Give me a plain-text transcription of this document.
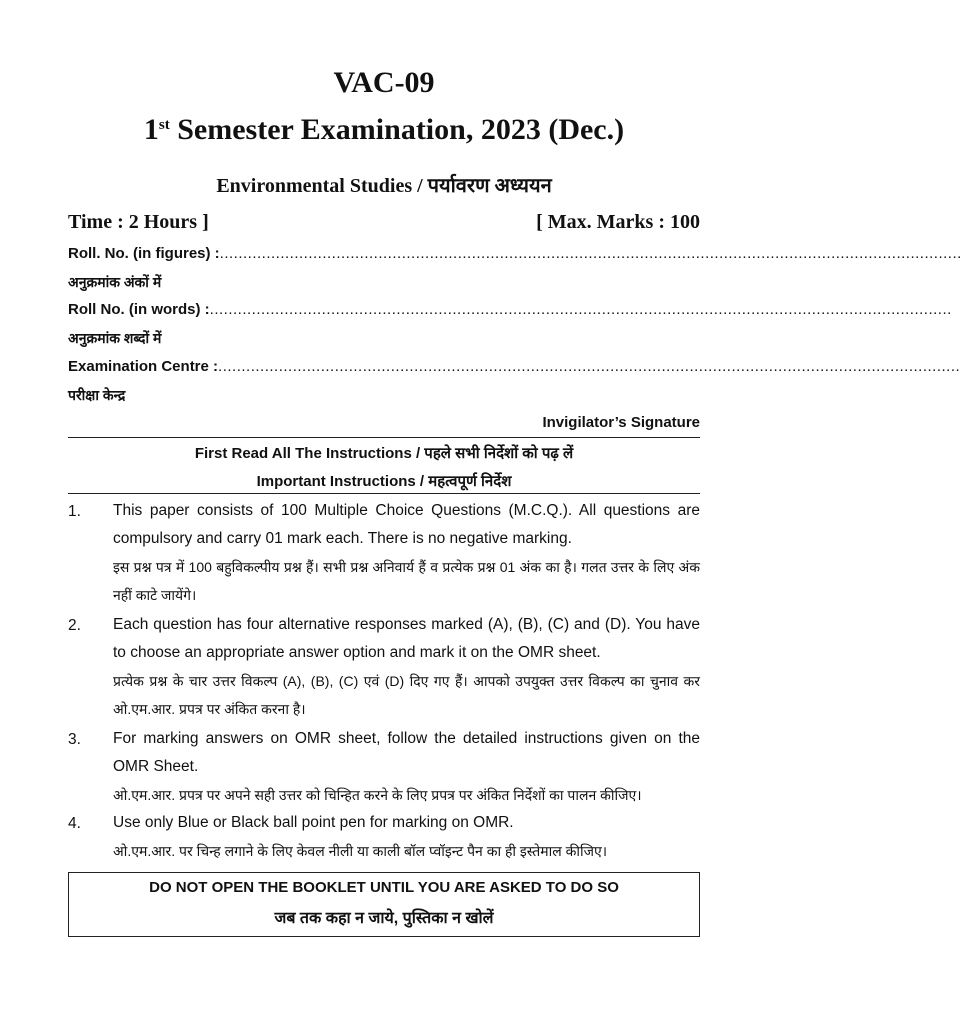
VAC-09
1st Semester Examination, 2023 (Dec.)
Environmental Studies / पर्यावरण अध्ययन
Time : 2 Hours ]	[ Max. Marks : 100
Roll. No. (in figures) : ...............................................................................................................................................................
अनुक्रमांक अंकों में
Roll No. (in words) : ...............................................................................................................................................................
अनुक्रमांक शब्दों में
Examination Centre : ...............................................................................................................................................................
परीक्षा केन्द्र
Invigilator’s Signature
First Read All The Instructions / पहले सभी निर्देशों को पढ़ लें
Important Instructions / महत्वपूर्ण निर्देश
1. This paper consists of 100 Multiple Choice Questions (M.C.Q.). All questions are compulsory and carry 01 mark each. There is no negative marking.
इस प्रश्न पत्र में 100 बहुविकल्पीय प्रश्न हैं। सभी प्रश्न अनिवार्य हैं व प्रत्येक प्रश्न 01 अंक का है। गलत उत्तर के लिए अंक नहीं काटे जायेंगे।
2. Each question has four alternative responses marked (A), (B), (C) and (D). You have to choose an appropriate answer option and mark it on the OMR sheet.
प्रत्येक प्रश्न के चार उत्तर विकल्प (A), (B), (C) एवं (D) दिए गए हैं। आपको उपयुक्त उत्तर विकल्प का चुनाव कर ओ.एम.आर. प्रपत्र पर अंकित करना है।
3. For marking answers on OMR sheet, follow the detailed instructions given on the OMR Sheet.
ओ.एम.आर. प्रपत्र पर अपने सही उत्तर को चिन्हित करने के लिए प्रपत्र पर अंकित निर्देशों का पालन कीजिए।
4. Use only Blue or Black ball point pen for marking on OMR.
ओ.एम.आर. पर चिन्ह लगाने के लिए केवल नीली या काली बॉल प्वॉइन्ट पैन का ही इस्तेमाल कीजिए।
DO NOT OPEN THE BOOKLET UNTIL YOU ARE ASKED TO DO SO
जब तक कहा न जाये, पुस्तिका न खोलें
